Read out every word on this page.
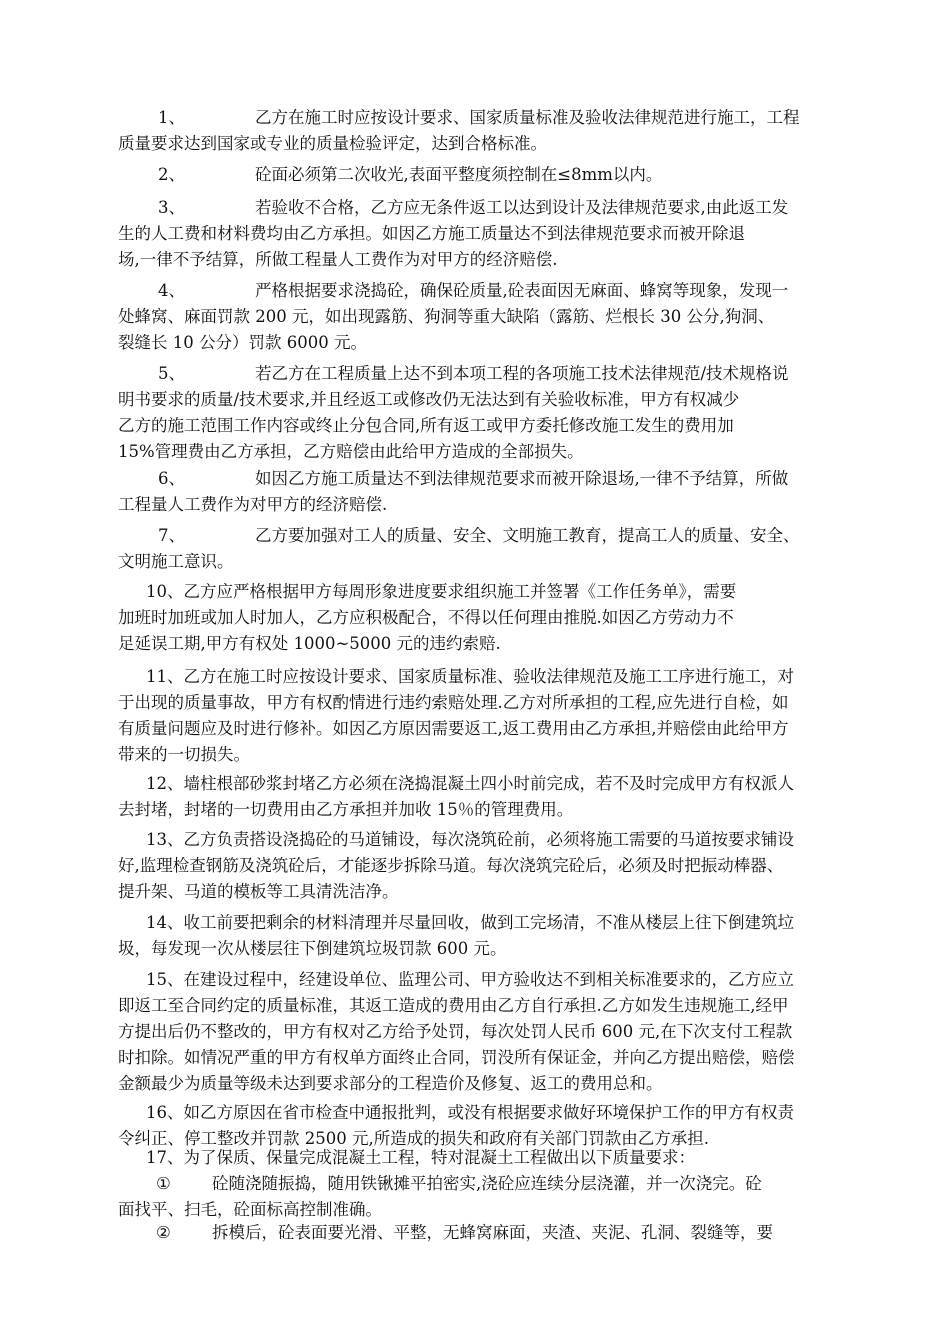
1、	乙方在施工时应按设计要求、国家质量标准及验收法律规范进行施工，工程
质量要求达到国家或专业的质量检验评定，达到合格标准。
2、	砼面必须第二次收光,表面平整度须控制在≤8mm以内。
3、	若验收不合格，乙方应无条件返工以达到设计及法律规范要求,由此返工发
生的人工费和材料费均由乙方承担。如因乙方施工质量达不到法律规范要求而被开除退
场,一律不予结算，所做工程量人工费作为对甲方的经济赔偿.
4、	严格根据要求浇捣砼，确保砼质量,砼表面因无麻面、蜂窝等现象，发现一
处蜂窝、麻面罚款 200 元，如出现露筋、狗洞等重大缺陷（露筋、烂根长 30 公分,狗洞、
裂缝长 10 公分）罚款 6000 元。
5、	若乙方在工程质量上达不到本项工程的各项施工技术法律规范/技术规格说
明书要求的质量/技术要求,并且经返工或修改仍无法达到有关验收标准，甲方有权减少
乙方的施工范围工作内容或终止分包合同,所有返工或甲方委托修改施工发生的费用加
15%管理费由乙方承担，乙方赔偿由此给甲方造成的全部损失。
6、	如因乙方施工质量达不到法律规范要求而被开除退场,一律不予结算，所做
工程量人工费作为对甲方的经济赔偿.
7、	乙方要加强对工人的质量、安全、文明施工教育，提高工人的质量、安全、
文明施工意识。
10、乙方应严格根据甲方每周形象进度要求组织施工并签署《工作任务单》，需要
加班时加班或加人时加人，乙方应积极配合，不得以任何理由推脱.如因乙方劳动力不
足延误工期,甲方有权处 1000~5000 元的违约索赔.
11、乙方在施工时应按设计要求、国家质量标准、验收法律规范及施工工序进行施工，对
于出现的质量事故，甲方有权酌情进行违约索赔处理.乙方对所承担的工程,应先进行自检，如
有质量问题应及时进行修补。如因乙方原因需要返工,返工费用由乙方承担,并赔偿由此给甲方
带来的一切损失。
12、墙柱根部砂浆封堵乙方必须在浇捣混凝土四小时前完成，若不及时完成甲方有权派人
去封堵，封堵的一切费用由乙方承担并加收 15％的管理费用。
13、乙方负责搭设浇捣砼的马道铺设，每次浇筑砼前，必须将施工需要的马道按要求铺设
好,监理检查钢筋及浇筑砼后，才能逐步拆除马道。每次浇筑完砼后，必须及时把振动棒器、
提升架、马道的模板等工具清洗洁净。
14、收工前要把剩余的材料清理并尽量回收，做到工完场清，不准从楼层上往下倒建筑垃
圾，每发现一次从楼层往下倒建筑垃圾罚款 600 元。
15、在建设过程中，经建设单位、监理公司、甲方验收达不到相关标准要求的，乙方应立
即返工至合同约定的质量标准，其返工造成的费用由乙方自行承担.乙方如发生违规施工,经甲
方提出后仍不整改的，甲方有权对乙方给予处罚，每次处罚人民币 600 元,在下次支付工程款
时扣除。如情况严重的甲方有权单方面终止合同，罚没所有保证金，并向乙方提出赔偿，赔偿
金额最少为质量等级未达到要求部分的工程造价及修复、返工的费用总和。
16、如乙方原因在省市检查中通报批判，或没有根据要求做好环境保护工作的甲方有权责
令纠正、停工整改并罚款 2500 元,所造成的损失和政府有关部门罚款由乙方承担.
17、为了保质、保量完成混凝土工程，特对混凝土工程做出以下质量要求：
① 砼随浇随振捣，随用铁锹摊平拍密实,浇砼应连续分层浇灌，并一次浇完。砼
面找平、扫毛，砼面标高控制准确。
② 拆模后，砼表面要光滑、平整，无蜂窝麻面，夹渣、夹泥、孔洞、裂缝等，要
